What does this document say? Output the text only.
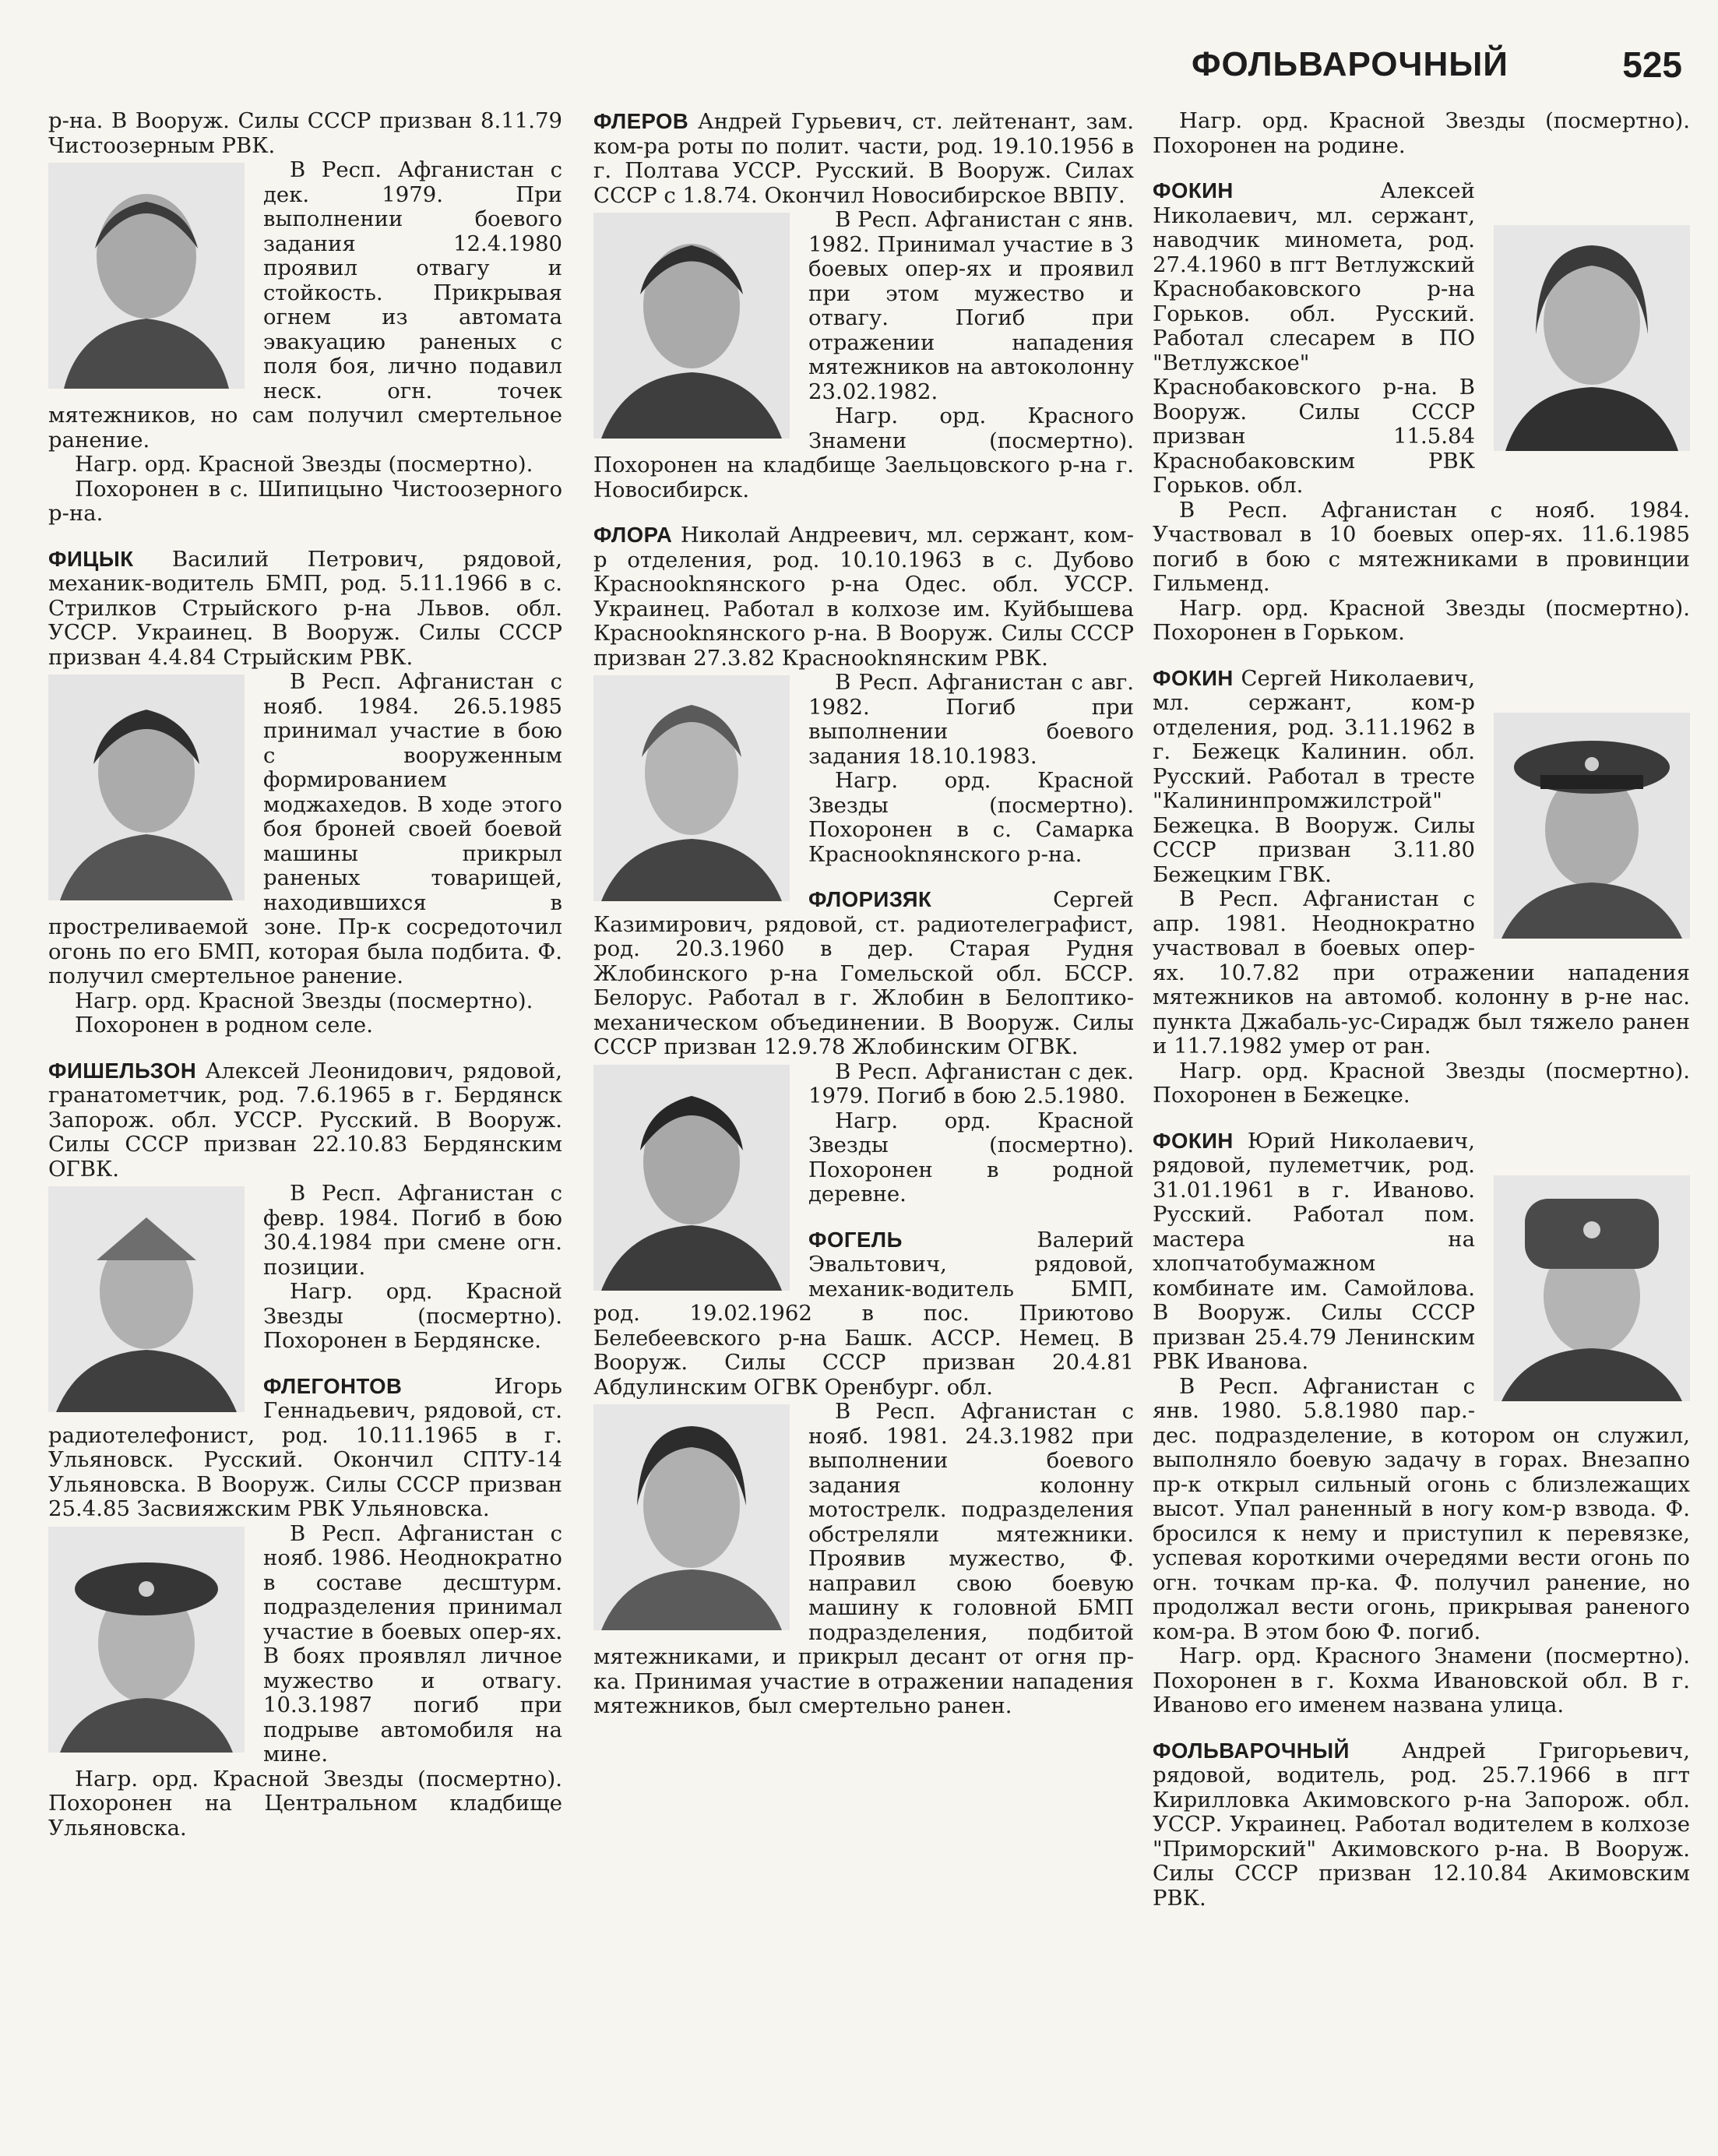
ФОЛЬВАРОЧНЫЙ	525

р-на. В Вооруж. Силы СССР призван 8.11.79 Чистоозерным РВК.

В Респ. Афганистан с дек. 1979. При выполнении боевого задания 12.4.1980 проявил отвагу и стойкость. Прикрывая огнем из автомата эвакуацию раненых с поля боя, лично подавил неск. огн. точек мятежников, но сам получил смертельное ранение.

Нагр. орд. Красной Звезды (посмертно).

Похоронен в с. Шипицыно Чистоозерного р-на.

ФИЦЫК Василий Петрович, рядовой, механик-водитель БМП, род. 5.11.1966 в с. Стрилков Стрыйского р-на Львов. обл. УССР. Украинец. В Вооруж. Силы СССР призван 4.4.84 Стрыйским РВК.

В Респ. Афганистан с нояб. 1984. 26.5.1985 принимал участие в бою с вооруженным формированием моджахедов. В ходе этого боя броней своей боевой машины прикрыл раненых товарищей, находившихся в простреливаемой зоне. Пр-к сосредоточил огонь по его БМП, которая была подбита. Ф. получил смертельное ранение.

Нагр. орд. Красной Звезды (посмертно).

Похоронен в родном селе.

ФИШЕЛЬЗОН Алексей Леонидович, рядовой, гранатометчик, род. 7.6.1965 в г. Бердянск Запорож. обл. УССР. Русский. В Вооруж. Силы СССР призван 22.10.83 Бердянским ОГВК.

В Респ. Афганистан с февр. 1984. Погиб в бою 30.4.1984 при смене огн. позиции.

Нагр. орд. Красной Звезды (посмертно). Похоронен в Бердянске.

ФЛЕГОНТОВ	Игорь Геннадьевич, рядовой, ст. радиотелефонист, род. 10.11.1965 в г. Ульяновск. Русский. Окончил СПТУ-14 Ульяновска. В Вооруж. Силы СССР призван 25.4.85 Засвияжским РВК Ульяновска.

В Респ. Афганистан с нояб. 1986. Неоднократно в составе десштурм. подразделения принимал участие в боевых опер-ях. В боях проявлял личное мужество и отвагу. 10.3.1987 погиб при подрыве автомобиля на мине.

Нагр. орд. Красной Звезды (посмертно). Похоронен на Центральном кладбище Ульяновска.

ФЛЕРОВ Андрей Гурьевич, ст. лейтенант, зам. ком-ра роты по полит. части, род. 19.10.1956 в г. Полтава УССР. Русский. В Вооруж. Силах СССР с 1.8.74. Окончил Новосибирское ВВПУ.

В Респ. Афганистан с янв. 1982. Принимал участие в 3 боевых опер-ях и проявил при этом мужество и отвагу. Погиб при отражении нападения мятежников на автоколонну 23.02.1982.

Нагр. орд. Красного Знамени (посмертно). Похоронен на кладбище Заельцовского р-на г. Новосибирск.

ФЛОРА Николай Андреевич, мл. сержант, ком-р отделения, род. 10.10.1963 в с. Дубово Краснооknянского р-на Одес. обл. УССР. Украинец. Работал в колхозе им. Куйбышева Краснооknянского р-на. В Вооруж. Силы СССР призван 27.3.82 Краснооknянским РВК.

В Респ. Афганистан с авг. 1982. Погиб при выполнении боевого задания 18.10.1983.

Нагр. орд. Красной Звезды (посмертно). Похоронен в с. Самарка Краснооknянского р-на.

ФЛОРИЗЯК	Сергей Казимирович, рядовой, ст. радиотелеграфист, род. 20.3.1960 в дер. Старая Рудня Жлобинского р-на Гомельской обл. БССР. Белорус. Работал в г. Жлобин в Белоптико-механическом объединении. В Вооруж. Силы СССР призван 12.9.78 Жлобинским ОГВК.

В Респ. Афганистан с дек. 1979. Погиб в бою 2.5.1980.

Нагр. орд. Красной Звезды (посмертно). Похоронен в родной деревне.

ФОГЕЛЬ	Валерий Эвальтович, рядовой, механик-водитель БМП, род. 19.02.1962 в пос. Приютово Белебеевского р-на Башк. АССР. Немец. В Вооруж. Силы СССР призван 20.4.81 Абдулинским ОГВК Оренбург. обл.

В Респ. Афганистан с нояб. 1981. 24.3.1982 при выполнении боевого задания колонну мотострелк. подразделения обстреляли мятежники. Проявив мужество, Ф. направил свою боевую машину к головной БМП подразделения, подбитой мятежниками, и прикрыл десант от огня пр-ка. Принимая участие в отражении нападения мятежников, был смертельно ранен.

Нагр. орд. Красной Звезды (посмертно). Похоронен на родине.

ФОКИН	Алексей Николаевич, мл. сержант, наводчик миномета, род. 27.4.1960 в пгт Ветлужский Краснобаковского р-на Горьков. обл. Русский. Работал слесарем в ПО "Ветлужское" Краснобаковского р-на. В Вооруж. Силы СССР призван 11.5.84 Краснобаковским РВК Горьков. обл.

В Респ. Афганистан с нояб. 1984. Участвовал в 10 боевых опер-ях. 11.6.1985 погиб в бою с мятежниками в провинции Гильменд.

Нагр. орд. Красной Звезды (посмертно). Похоронен в Горьком.

ФОКИН Сергей Николаевич, мл. сержант, ком-р отделения, род. 3.11.1962 в г. Бежецк Калинин. обл. Русский. Работал в тресте "Калининпромжилстрой" Бежецка. В Вооруж. Силы СССР призван 3.11.80 Бежецким ГВК.

В Респ. Афганистан с апр. 1981. Неоднократно участвовал в боевых опер-ях. 10.7.82 при отражении нападения мятежников на автомоб. колонну в р-не нас. пункта Джабаль-ус-Сирадж был тяжело ранен и 11.7.1982 умер от ран.

Нагр. орд. Красной Звезды (посмертно). Похоронен в Бежецке.

ФОКИН Юрий Николаевич, рядовой, пулеметчик, род. 31.01.1961 в г. Иваново. Русский. Работал пом. мастера на хлопчатобумажном комбинате им. Самойлова. В Вооруж. Силы СССР призван 25.4.79 Ленинским РВК Иванова.

В Респ. Афганистан с янв. 1980. 5.8.1980 пар.-дес. подразделение, в котором он служил, выполняло боевую задачу в горах. Внезапно пр-к открыл сильный огонь с близлежащих высот. Упал раненный в ногу ком-р взвода. Ф. бросился к нему и приступил к перевязке, успевая короткими очередями вести огонь по огн. точкам пр-ка. Ф. получил ранение, но продолжал вести огонь, прикрывая раненого ком-ра. В этом бою Ф. погиб.

Нагр. орд. Красного Знамени (посмертно). Похоронен в г. Кохма Ивановской обл. В г. Иваново его именем названа улица.

ФОЛЬВАРОЧНЫЙ Андрей Григорьевич, рядовой, водитель, род. 25.7.1966 в пгт Кирилловка Акимовского р-на Запорож. обл. УССР. Украинец. Работал водителем в колхозе "Приморский" Акимовского р-на. В Вооруж. Силы СССР призван 12.10.84 Акимовским РВК.
